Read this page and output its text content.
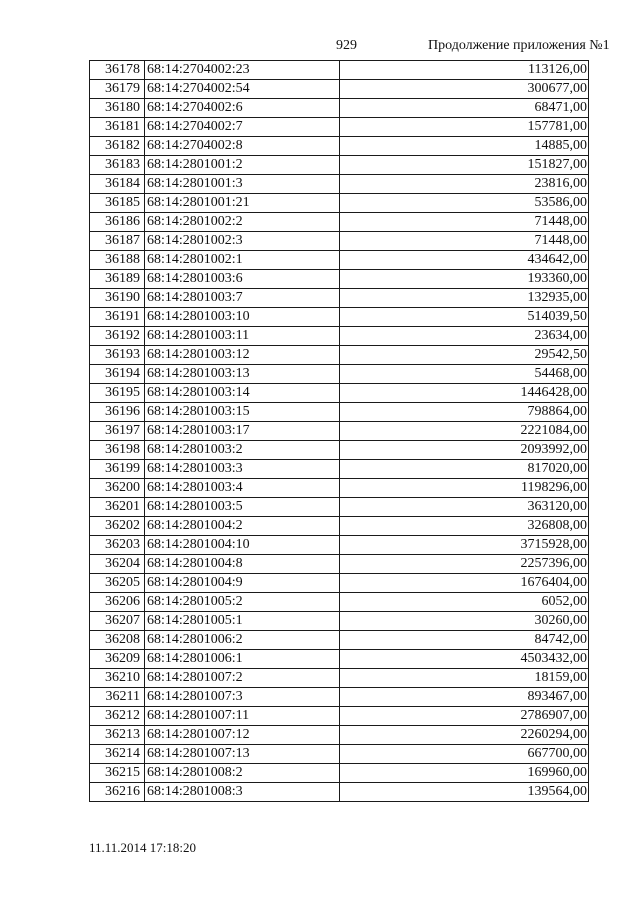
929	Продолжение приложения №1
36178	68:14:2704002:23	113126,00
36179	68:14:2704002:54	300677,00
36180	68:14:2704002:6	68471,00
36181	68:14:2704002:7	157781,00
36182	68:14:2704002:8	14885,00
36183	68:14:2801001:2	151827,00
36184	68:14:2801001:3	23816,00
36185	68:14:2801001:21	53586,00
36186	68:14:2801002:2	71448,00
36187	68:14:2801002:3	71448,00
36188	68:14:2801002:1	434642,00
36189	68:14:2801003:6	193360,00
36190	68:14:2801003:7	132935,00
36191	68:14:2801003:10	514039,50
36192	68:14:2801003:11	23634,00
36193	68:14:2801003:12	29542,50
36194	68:14:2801003:13	54468,00
36195	68:14:2801003:14	1446428,00
36196	68:14:2801003:15	798864,00
36197	68:14:2801003:17	2221084,00
36198	68:14:2801003:2	2093992,00
36199	68:14:2801003:3	817020,00
36200	68:14:2801003:4	1198296,00
36201	68:14:2801003:5	363120,00
36202	68:14:2801004:2	326808,00
36203	68:14:2801004:10	3715928,00
36204	68:14:2801004:8	2257396,00
36205	68:14:2801004:9	1676404,00
36206	68:14:2801005:2	6052,00
36207	68:14:2801005:1	30260,00
36208	68:14:2801006:2	84742,00
36209	68:14:2801006:1	4503432,00
36210	68:14:2801007:2	18159,00
36211	68:14:2801007:3	893467,00
36212	68:14:2801007:11	2786907,00
36213	68:14:2801007:12	2260294,00
36214	68:14:2801007:13	667700,00
36215	68:14:2801008:2	169960,00
36216	68:14:2801008:3	139564,00
11.11.2014 17:18:20
